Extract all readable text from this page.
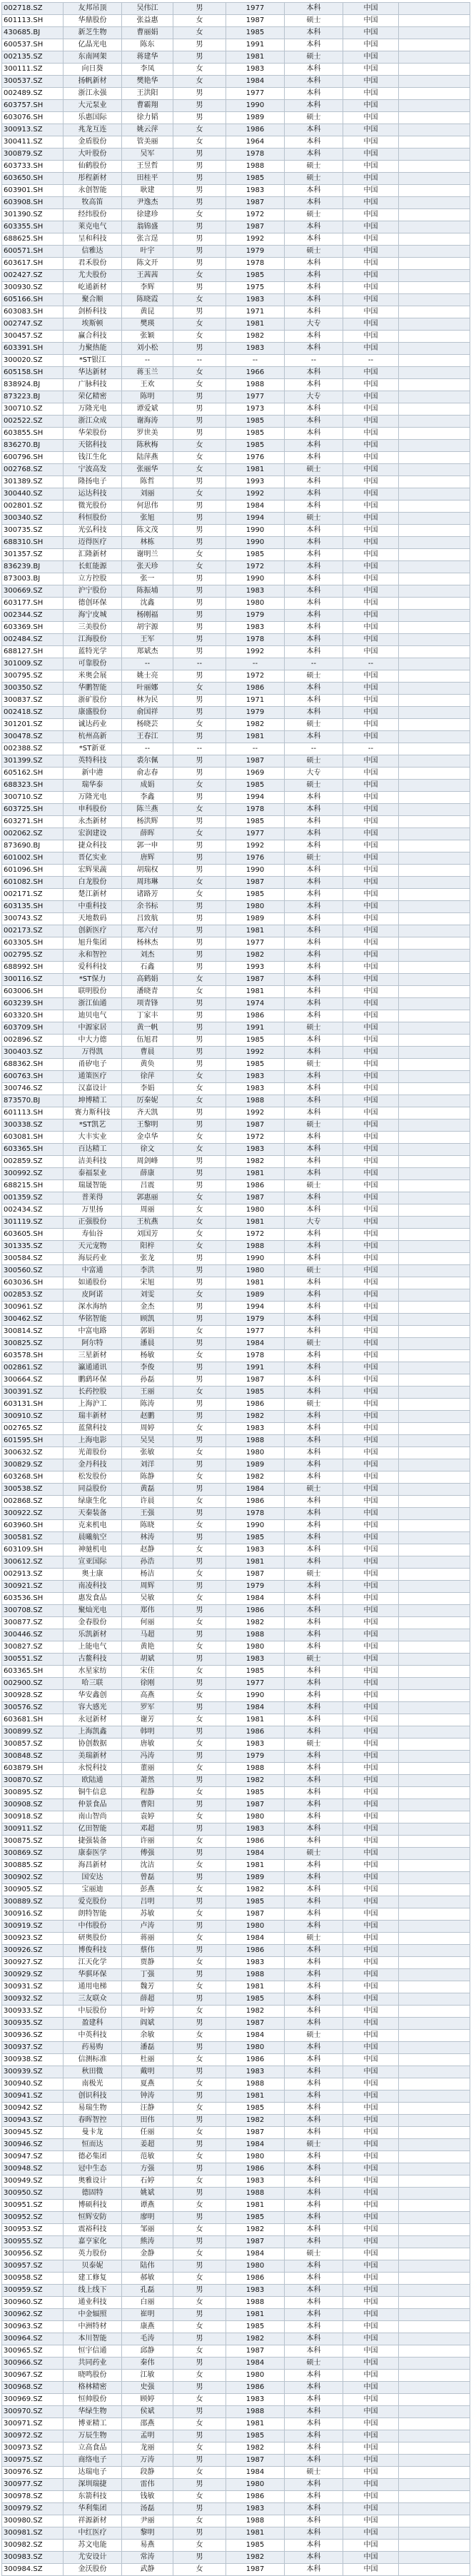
002718.SZ	友邦吊顶	吴伟江	男	1977	本科	中国	
601113.SH	华鼎股份	张益惠	女	1987	硕士	中国	
430685.BJ	新芝生物	曹丽娟	女	1985	本科	中国	
600537.SH	亿晶光电	陈东	男	1991	本科	中国	
002135.SZ	东南网架	蒋建华	男	1981	硕士	中国	
300111.SZ	向日葵	李凤	女	1983	本科	中国	
300537.SZ	扬帆新材	樊艳华	女	1984	本科	中国	
002489.SZ	浙江永强	王洪阳	男	1977	本科	中国	
603757.SH	大元泵业	曹霸翔	男	1990	本科	中国	
603076.SH	乐惠国际	徐力韬	男	1989	硕士	中国	
300913.SZ	兆龙互连	姚云萍	女	1986	本科	中国	
300411.SZ	金盾股份	管美丽	女	1964	本科	中国	
300879.SZ	大叶股份	吴军	男	1978	本科	中国	
603733.SH	仙鹤股份	王昱哲	男	1988	硕士	中国	
603650.SH	彤程新材	田桂平	男	1985	硕士	中国	
603901.SH	永创智能	耿建	男	1983	本科	中国	
603908.SH	牧高笛	尹逸杰	男	1987	本科	中国	
301390.SZ	经纬股份	徐建珍	女	1972	硕士	中国	
603355.SH	莱克电气	翁锦盛	男	1987	本科	中国	
688625.SH	呈和科技	张言逞	男	1992	本科	中国	
600571.SH	信雅达	叶宇	男	1979	硕士	中国	
603617.SH	君禾股份	陈文开	男	1978	本科	中国	
002427.SZ	尤夫股份	王茜茜	女	1985	本科	中国	
300930.SZ	屹通新材	李辉	男	1975	本科	中国	
605166.SH	聚合顺	陈晓霞	女	1983	本科	中国	
603083.SH	剑桥科技	黄昆	男	1971	本科	中国	
002747.SZ	埃斯顿	樊瑛	女	1981	大专	中国	
300457.SZ	赢合科技	张颖	女	1982	本科	中国	
603391.SH	力聚热能	刘小松	男	1983	本科	中国	
300020.SZ	*ST银江	--	--	--	--	--	
605158.SH	华达新材	蒋玉兰	女	1966	本科	中国	
838924.BJ	广脉科技	王欢	女	1988	本科	中国	
873223.BJ	荣亿精密	陈明	男	1977	大专	中国	
300710.SZ	万隆光电	谭爱斌	男	1973	本科	中国	
002522.SZ	浙江众成	谢海涛	男	1985	本科	中国	
603855.SH	华荣股份	罗世美	男	1985	本科	中国	
836270.BJ	天铭科技	陈秋梅	女	1985	本科	中国	
600796.SH	钱江生化	陆萍燕	女	1976	本科	中国	
002768.SZ	宁波高发	张丽华	女	1981	硕士	中国	
301389.SZ	隆扬电子	陈哲	男	1993	本科	中国	
300440.SZ	运达科技	刘丽	女	1992	本科	中国	
002801.SZ	微光股份	何思伟	男	1984	本科	中国	
300340.SZ	科恒股份	张旭	男	1994	硕士	中国	
300735.SZ	光弘科技	陈文茂	男	1990	本科	中国	
688310.SH	迈得医疗	林栋	男	1990	本科	中国	
301357.SZ	汇隆新材	谢明兰	女	1985	本科	中国	
836239.BJ	长虹能源	张天珍	女	1972	本科	中国	
873003.BJ	立方控股	张一	男	1990	本科	中国	
300669.SZ	沪宁股份	陈振埔	男	1983	本科	中国	
603177.SH	德创环保	沈鑫	男	1980	本科	中国	
002344.SZ	海宁皮城	杨刚福	男	1979	本科	中国	
603369.SH	三美股份	胡宇源	男	1983	本科	中国	
002484.SZ	江海股份	王军	男	1978	本科	中国	
688127.SH	蓝特光学	郑斌杰	男	1992	本科	中国	
301009.SZ	可靠股份	--	--	--	--	--	
300795.SZ	米奥会展	姚士亮	男	1972	硕士	中国	
300350.SZ	华鹏智能	叶丽娜	女	1986	本科	中国	
300837.SZ	浙矿股份	林为民	男	1971	本科	中国	
002418.SZ	康盛股份	俞国祥	男	1979	本科	中国	
301201.SZ	诚达药业	杨晓芸	女	1982	硕士	中国	
300478.SZ	杭州高新	王春江	男	1981	本科	中国	
002388.SZ	*ST新亚	--	--	--	--	--	
301399.SZ	英特科技	裘尔佩	男	1987	硕士	中国	
605162.SH	新中港	俞志春	男	1969	大专	中国	
688323.SH	瑞华泰	成娟	女	1985	硕士	中国	
300710.SZ	万隆光电	李鑫	男	1994	本科	中国	
603725.SH	申科股份	陈兰燕	女	1978	本科	中国	
603271.SH	永杰新材	杨洪辉	男	1985	本科	中国	
002062.SZ	宏润建设	薛晖	女	1977	本科	中国	
873690.BJ	捷众科技	郭一申	男	1992	本科	中国	
601002.SH	晋亿实业	唐辉	男	1976	硕士	中国	
601096.SH	宏辉果蔬	胡瑞权	男	1990	本科	中国	
601082.SH	白龙股份	周玮琳	女	1987	本科	中国	
002171.SZ	楚江新材	诸路芳	女	1985	本科	中国	
603135.SH	中重科技	余书标	男	1980	本科	中国	
300743.SZ	天地数码	吕致航	男	1989	本科	中国	
002173.SZ	创新医疗	郑六付	男	1981	本科	中国	
603305.SH	旭升集团	杨林杰	男	1977	本科	中国	
002795.SZ	永和智控	刘杰	男	1982	本科	中国	
688992.SH	爱科科技	石鑫	男	1993	本科	中国	
300116.SZ	*ST保力	高鹤娟	女	1987	本科	中国	
603006.SH	联明股份	潘晓青	女	1981	本科	中国	
603239.SH	浙江仙通	项青锋	男	1974	本科	中国	
603320.SH	迪贝电气	丁家丰	男	1986	本科	中国	
603709.SH	中源家居	黄一帆	男	1991	硕士	中国	
002896.SZ	中大力德	伍旭君	男	1985	本科	中国	
300403.SZ	万得凯	曹晨	男	1992	本科	中国	
688362.SH	甬矽电子	黄奂	男	1985	硕士	中国	
600763.SH	通策医疗	徐萍	女	1983	本科	中国	
300746.SZ	汉嘉设计	李娟	女	1983	本科	中国	
873570.BJ	坤博精工	厉秦妮	女	1988	本科	中国	
601113.SH	赛力斯科技	齐天凯	男	1992	本科	中国	
300338.SZ	*ST凯艺	王黎明	男	1987	硕士	中国	
603081.SH	大丰实业	金卓华	女	1972	本科	中国	
603365.SH	百达精工	徐文	女	1983	本科	中国	
002859.SZ	洁美科技	周剑峰	男	1982	本科	中国	
300992.SZ	泰福泵业	薛康	男	1981	本科	中国	
688215.SH	瑞晟智能	吕震	男	1986	硕士	中国	
001359.SZ	普莱得	郭惠丽	女	1987	本科	中国	
002434.SZ	万里扬	周丽	女	1980	本科	中国	
301119.SZ	正强股份	王杭燕	女	1981	大专	中国	
603605.SH	寿仙谷	刘国芳	女	1972	本科	中国	
301335.SZ	天元宠物	阳梓	女	1988	本科	中国	
300584.SZ	海辰药业	张龙	男	1990	本科	中国	
300560.SZ	中富通	李洪	男	1980	硕士	中国	
603036.SH	如通股份	宋旭	男	1981	本科	中国	
002853.SZ	皮阿诺	刘雯	女	1989	本科	中国	
300961.SZ	深水海纳	金杰	男	1994	本科	中国	
300462.SZ	华铭智能	顾凯	男	1979	本科	中国	
300814.SZ	中富电路	郭娟	女	1977	本科	中国	
300825.SZ	阿尔特	潘晨	男	1984	硕士	中国	
603578.SH	三星新材	杨敏	女	1978	本科	中国	
002861.SZ	瀛通通讯	李俊	男	1991	本科	中国	
300664.SZ	鹏鹞环保	孙磊	男	1987	本科	中国	
300391.SZ	长药控股	王丽	女	1985	本科	中国	
603131.SH	上海沪工	陈涛	男	1986	硕士	中国	
300910.SZ	瑞丰新材	赵鹏	男	1982	本科	中国	
002765.SZ	蓝黛科技	周婷	女	1983	本科	中国	
601595.SH	上海电影	吴昊	男	1988	本科	中国	
300632.SZ	光莆股份	张敏	女	1980	本科	中国	
300829.SZ	金丹科技	刘洋	男	1989	本科	中国	
603268.SH	松发股份	陈静	女	1982	本科	中国	
300538.SZ	同益股份	黄磊	男	1984	硕士	中国	
002868.SZ	绿康生化	许晨	女	1986	本科	中国	
300922.SZ	天秦装备	王强	男	1978	本科	中国	
603960.SH	克来机电	陈晓	女	1990	本科	中国	
300581.SZ	晨曦航空	林涛	男	1985	本科	中国	
603109.SH	神驰机电	赵静	女	1983	本科	中国	
300612.SZ	宣亚国际	孙浩	男	1981	本科	中国	
002913.SZ	奥士康	杨洁	女	1987	硕士	中国	
300921.SZ	南凌科技	周辉	男	1979	本科	中国	
603536.SH	惠发食品	吴敏	女	1984	本科	中国	
300708.SZ	聚灿光电	郑伟	男	1986	本科	中国	
300877.SZ	金春股份	何丽	女	1982	本科	中国	
300446.SZ	乐凯新材	马超	男	1988	本科	中国	
300827.SZ	上能电气	黄艳	女	1980	本科	中国	
300551.SZ	古鳌科技	胡斌	男	1983	硕士	中国	
603365.SH	水星家纺	宋佳	女	1985	本科	中国	
002900.SZ	哈三联	徐刚	男	1977	本科	中国	
300928.SZ	华安鑫创	高燕	女	1990	本科	中国	
300576.SZ	容大感光	罗军	男	1984	本科	中国	
603681.SH	永冠新材	谢芳	女	1981	本科	中国	
300899.SZ	上海凯鑫	韩明	男	1986	本科	中国	
300857.SZ	协创数据	唐敏	女	1983	硕士	中国	
300848.SZ	美瑞新材	冯涛	男	1979	本科	中国	
603879.SH	永悦科技	董丽	女	1988	本科	中国	
300870.SZ	欧陆通	萧然	男	1982	本科	中国	
300895.SZ	铜牛信息	程静	女	1985	本科	中国	
300908.SZ	仲景食品	曹阳	男	1987	本科	中国	
300918.SZ	南山智尚	袁婷	女	1980	本科	中国	
300911.SZ	亿田智能	邓超	男	1983	本科	中国	
300875.SZ	捷强装备	许丽	女	1986	本科	中国	
300869.SZ	康泰医学	傅强	男	1984	硕士	中国	
300885.SZ	海昌新材	沈洁	女	1981	本科	中国	
300902.SZ	国安达	曾磊	男	1989	本科	中国	
300905.SZ	宝丽迪	彭燕	女	1982	本科	中国	
300889.SZ	爱克股份	吕明	男	1985	本科	中国	
300916.SZ	朗特智能	苏敏	女	1987	本科	中国	
300919.SZ	中伟股份	卢涛	男	1980	本科	中国	
300923.SZ	研奥股份	蒋丽	女	1984	硕士	中国	
300926.SZ	博俊科技	蔡伟	男	1986	本科	中国	
300927.SZ	江天化学	贾静	女	1983	本科	中国	
300929.SZ	华骐环保	丁强	男	1988	本科	中国	
300931.SZ	通用电梯	魏芳	女	1981	本科	中国	
300932.SZ	三友联众	薛超	男	1985	本科	中国	
300933.SZ	中辰股份	叶婷	女	1982	本科	中国	
300935.SZ	盈建科	阎斌	男	1987	本科	中国	
300936.SZ	中英科技	余敏	女	1984	硕士	中国	
300937.SZ	药易购	潘磊	男	1980	本科	中国	
300938.SZ	信测标准	杜丽	女	1986	本科	中国	
300939.SZ	秋田微	戴明	男	1983	本科	中国	
300940.SZ	南极光	夏燕	女	1988	本科	中国	
300941.SZ	创识科技	钟涛	男	1981	本科	中国	
300942.SZ	易瑞生物	汪静	女	1985	本科	中国	
300943.SZ	春晖智控	田伟	男	1982	本科	中国	
300945.SZ	曼卡龙	任丽	女	1987	本科	中国	
300946.SZ	恒而达	姜超	男	1984	硕士	中国	
300947.SZ	德必集团	范敏	女	1980	本科	中国	
300948.SZ	冠中生态	方强	男	1986	本科	中国	
300949.SZ	奥雅设计	石婷	女	1983	本科	中国	
300950.SZ	德固特	姚斌	男	1988	本科	中国	
300951.SZ	博硕科技	谭燕	女	1981	本科	中国	
300952.SZ	恒辉安防	廖明	男	1985	本科	中国	
300953.SZ	震裕科技	邹丽	女	1982	本科	中国	
300955.SZ	嘉亨家化	熊涛	男	1987	本科	中国	
300956.SZ	英力股份	金静	女	1984	硕士	中国	
300957.SZ	贝泰妮	陆伟	男	1980	本科	中国	
300958.SZ	建工修复	郝敏	女	1986	本科	中国	
300959.SZ	线上线下	孔磊	男	1983	本科	中国	
300960.SZ	通业科技	白丽	女	1988	本科	中国	
300962.SZ	中金辐照	崔明	男	1981	本科	中国	
300963.SZ	中洲特材	康燕	女	1985	本科	中国	
300964.SZ	本川智能	毛涛	男	1982	本科	中国	
300965.SZ	恒宇信通	邱静	女	1987	本科	中国	
300966.SZ	共同药业	秦伟	男	1984	硕士	中国	
300967.SZ	晓鸣股份	江敏	女	1980	本科	中国	
300968.SZ	格林精密	史强	男	1986	本科	中国	
300969.SZ	恒帅股份	顾婷	女	1983	本科	中国	
300970.SZ	华绿生物	侯斌	男	1988	本科	中国	
300971.SZ	博亚精工	邵燕	女	1981	本科	中国	
300972.SZ	万辰生物	孟明	男	1985	本科	中国	
300973.SZ	立高食品	龙丽	女	1982	本科	中国	
300975.SZ	商络电子	万涛	男	1987	本科	中国	
300976.SZ	达瑞电子	段静	女	1984	硕士	中国	
300977.SZ	深圳瑞捷	雷伟	男	1980	本科	中国	
300978.SZ	东箭科技	钱敏	女	1986	本科	中国	
300979.SZ	华利集团	汤磊	男	1983	本科	中国	
300980.SZ	祥源新材	尹丽	女	1988	本科	中国	
300981.SZ	中红医疗	黎明	男	1981	本科	中国	
300982.SZ	苏文电能	易燕	女	1985	本科	中国	
300983.SZ	尤安设计	常涛	男	1982	本科	中国	
300984.SZ	金沃股份	武静	女	1987	本科	中国	
